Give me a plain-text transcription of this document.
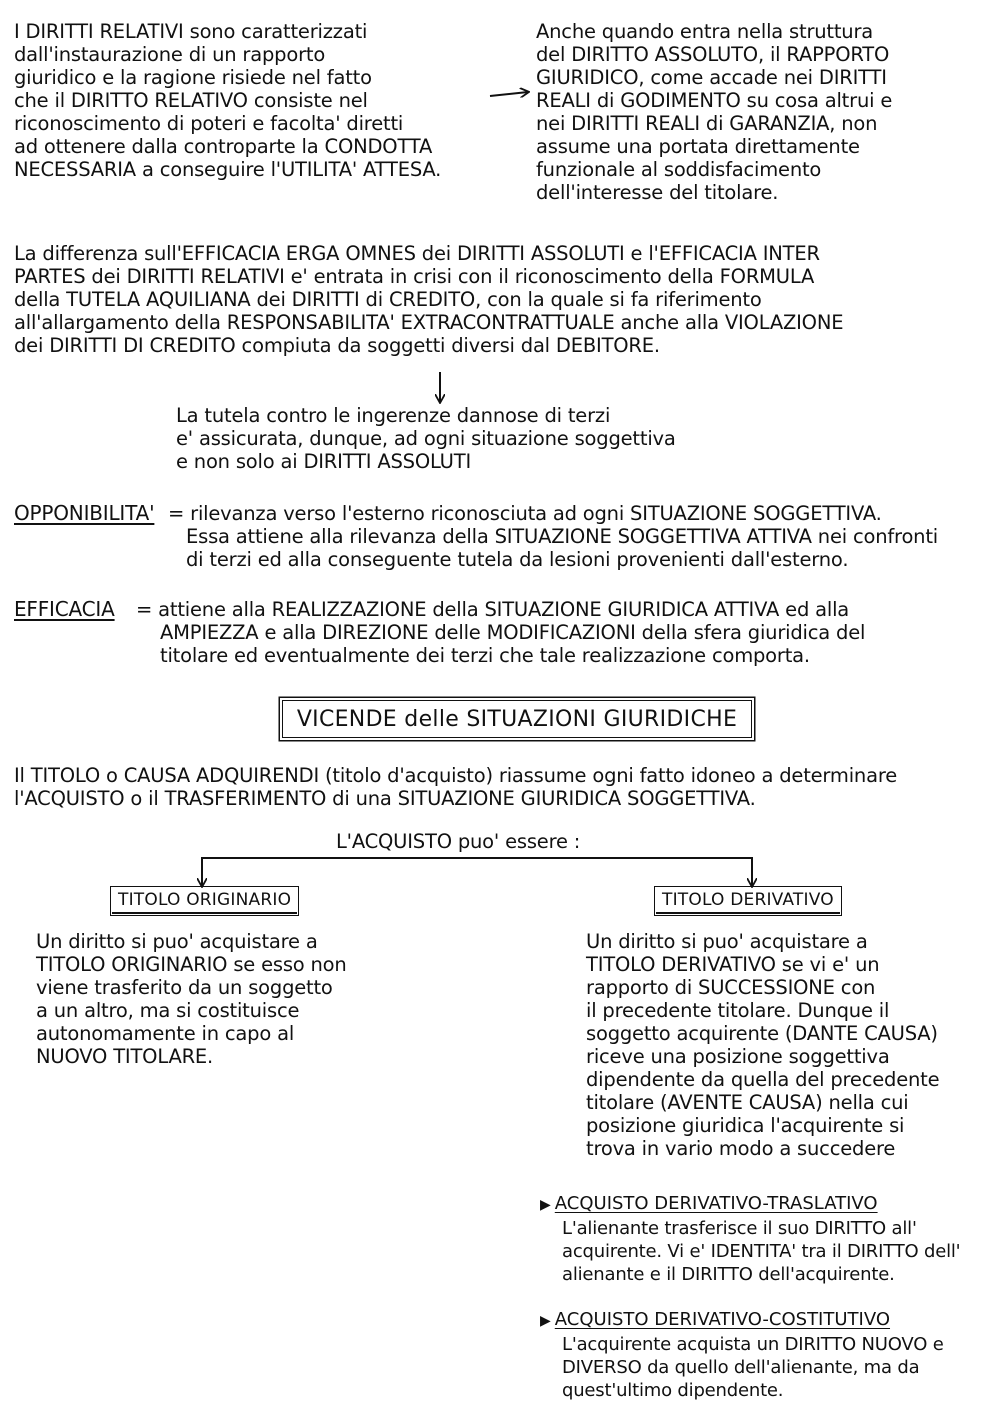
I DIRITTI RELATIVI sono caratterizzati
dall'instaurazione di un rapporto
giuridico e la ragione risiede nel fatto
che il DIRITTO RELATIVO consiste nel
riconoscimento di poteri e facolta' diretti
ad ottenere dalla controparte la CONDOTTA
NECESSARIA a conseguire l'UTILITA' ATTESA.
Anche quando entra nella struttura
del DIRITTO ASSOLUTO, il RAPPORTO
GIURIDICO, come accade nei DIRITTI
REALI di GODIMENTO su cosa altrui e
nei DIRITTI REALI di GARANZIA, non
assume una portata direttamente
funzionale al soddisfacimento
dell'interesse del titolare.
La differenza sull'EFFICACIA ERGA OMNES dei DIRITTI ASSOLUTI e l'EFFICACIA INTER
PARTES dei DIRITTI RELATIVI e' entrata in crisi con il riconoscimento della FORMULA
della TUTELA AQUILIANA dei DIRITTI di CREDITO, con la quale si fa riferimento
all'allargamento della RESPONSABILITA' EXTRACONTRATTUALE anche alla VIOLAZIONE
dei DIRITTI DI CREDITO compiuta da soggetti diversi dal DEBITORE.
La tutela contro le ingerenze dannose di terzi
e' assicurata, dunque, ad ogni situazione soggettiva
e non solo ai DIRITTI ASSOLUTI
OPPONIBILITA' = rilevanza verso l'esterno riconosciuta ad ogni SITUAZIONE SOGGETTIVA.
Essa attiene alla rilevanza della SITUAZIONE SOGGETTIVA ATTIVA nei confronti
di terzi ed alla conseguente tutela da lesioni provenienti dall'esterno.
EFFICACIA = attiene alla REALIZZAZIONE della SITUAZIONE GIURIDICA ATTIVA ed alla
AMPIEZZA e alla DIREZIONE delle MODIFICAZIONI della sfera giuridica del
titolare ed eventualmente dei terzi che tale realizzazione comporta.
VICENDE delle SITUAZIONI GIURIDICHE
Il TITOLO o CAUSA ADQUIRENDI (titolo d'acquisto) riassume ogni fatto idoneo a determinare
l'ACQUISTO o il TRASFERIMENTO di una SITUAZIONE GIURIDICA SOGGETTIVA.
L'ACQUISTO puo' essere :
TITOLO ORIGINARIO	TITOLO DERIVATIVO
Un diritto si puo' acquistare a
TITOLO ORIGINARIO se esso non
viene trasferito da un soggetto
a un altro, ma si costituisce
autonomamente in capo al
NUOVO TITOLARE.
Un diritto si puo' acquistare a
TITOLO DERIVATIVO se vi e' un
rapporto di SUCCESSIONE con
il precedente titolare. Dunque il
soggetto acquirente (DANTE CAUSA)
riceve una posizione soggettiva
dipendente da quella del precedente
titolare (AVENTE CAUSA) nella cui
posizione giuridica l'acquirente si
trova in vario modo a succedere
▶ ACQUISTO DERIVATIVO-TRASLATIVO
L'alienante trasferisce il suo DIRITTO all'
acquirente. Vi e' IDENTITA' tra il DIRITTO dell'
alienante e il DIRITTO dell'acquirente.
▶ ACQUISTO DERIVATIVO-COSTITUTIVO
L'acquirente acquista un DIRITTO NUOVO e
DIVERSO da quello dell'alienante, ma da
quest'ultimo dipendente.
